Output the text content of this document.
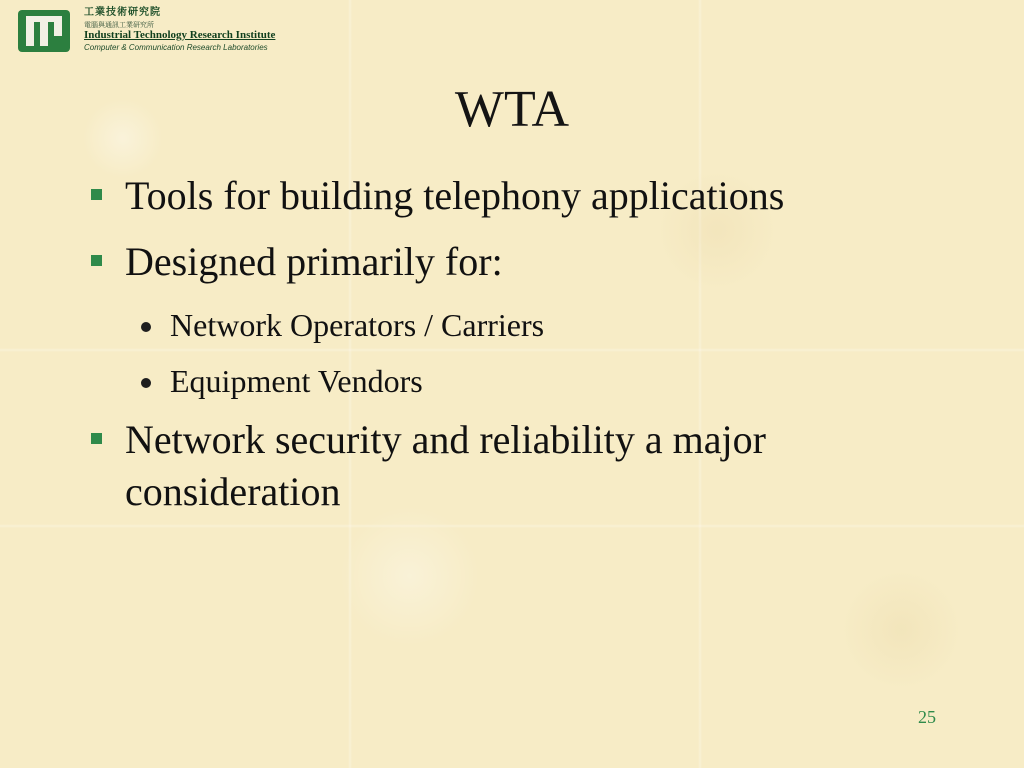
工業技術研究院
電腦與通訊工業研究所
Industrial Technology Research Institute
Computer & Communication Research Laboratories
WTA
Tools for building telephony applications
Designed primarily for:
Network Operators / Carriers
Equipment Vendors
Network security and reliability a major consideration
25
